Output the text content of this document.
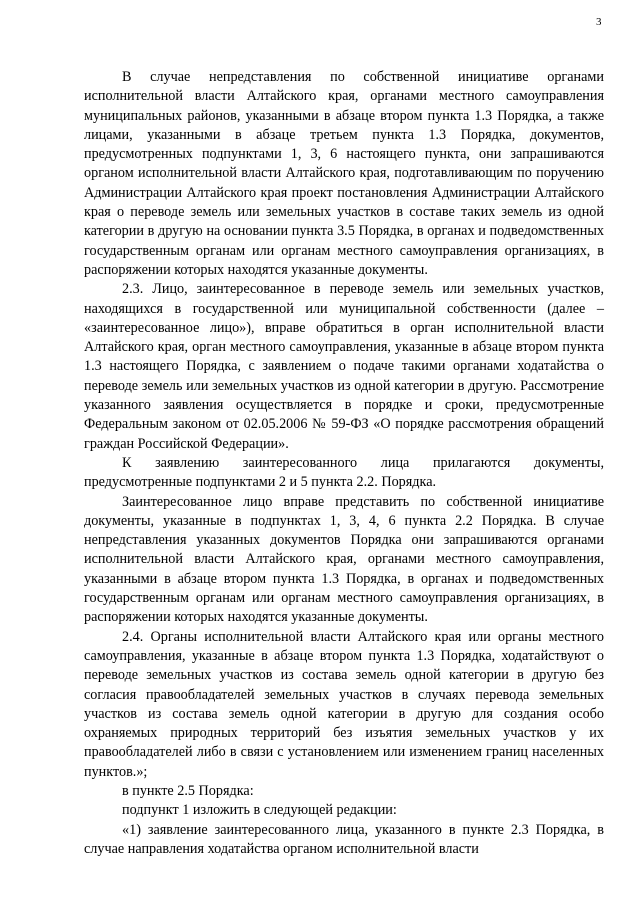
3

В случае непредставления по собственной инициативе органами исполнительной власти Алтайского края, органами местного самоуправления муниципальных районов, указанными в абзаце втором пункта 1.3 Порядка, а также лицами, указанными в абзаце третьем пункта 1.3 Порядка, документов, предусмотренных подпунктами 1, 3, 6 настоящего пункта, они запрашиваются органом исполнительной власти Алтайского края, подготавливающим по поручению Администрации Алтайского края проект постановления Администрации Алтайского края о переводе земель или земельных участков в составе таких земель из одной категории в другую на основании пункта 3.5 Порядка, в органах и подведомственных государственным органам или органам местного самоуправления организациях, в распоряжении которых находятся указанные документы.

2.3. Лицо, заинтересованное в переводе земель или земельных участков, находящихся в государственной или муниципальной собственности (далее – «заинтересованное лицо»), вправе обратиться в орган исполнительной власти Алтайского края, орган местного самоуправления, указанные в абзаце втором пункта 1.3 настоящего Порядка, с заявлением о подаче такими органами ходатайства о переводе земель или земельных участков из одной категории в другую. Рассмотрение указанного заявления осуществляется в порядке и сроки, предусмотренные Федеральным законом от 02.05.2006 № 59-ФЗ «О порядке рассмотрения обращений граждан Российской Федерации».

К заявлению заинтересованного лица прилагаются документы, предусмотренные подпунктами 2 и 5 пункта 2.2. Порядка.

Заинтересованное лицо вправе представить по собственной инициативе документы, указанные в подпунктах 1, 3, 4, 6 пункта 2.2 Порядка. В случае непредставления указанных документов Порядка они запрашиваются органами исполнительной власти Алтайского края, органами местного самоуправления, указанными в абзаце втором пункта 1.3 Порядка, в органах и подведомственных государственным органам или органам местного самоуправления организациях, в распоряжении которых находятся указанные документы.

2.4. Органы исполнительной власти Алтайского края или органы местного самоуправления, указанные в абзаце втором пункта 1.3 Порядка, ходатайствуют о переводе земельных участков из состава земель одной категории в другую без согласия правообладателей земельных участков в случаях перевода земельных участков из состава земель одной категории в другую для создания особо охраняемых природных территорий без изъятия земельных участков у их правообладателей либо в связи с установлением или изменением границ населенных пунктов.»;

в пункте 2.5 Порядка:

подпункт 1 изложить в следующей редакции:

«1) заявление заинтересованного лица, указанного в пункте 2.3 Порядка, в случае направления ходатайства органом исполнительной власти
